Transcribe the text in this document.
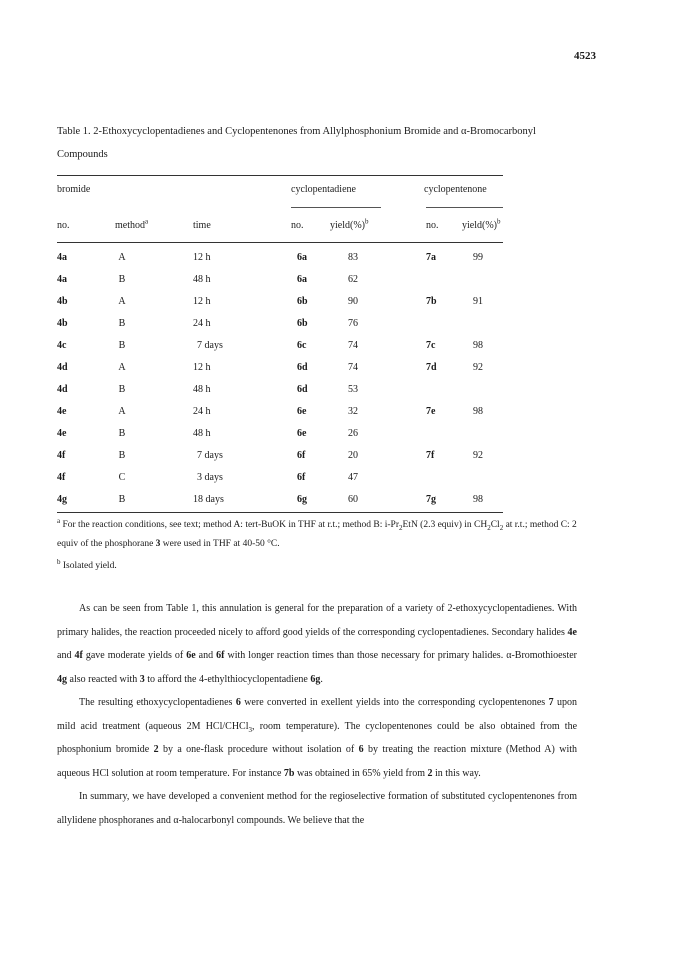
4523
Table 1. 2-Ethoxycyclopentadienes and Cyclopentenones from Allylphosphonium Bromide and α-Bromocarbonyl Compounds
bromide	cyclopentadiene	cyclopentenone
no.	method$^a$	time	no.	yield(%)$^b$	no. yield(%)$^b$
4a	A	12 h	6a	83	7a	99
4a	B	48 h	6a	62
4b	A	12 h	6b	90	7b	91
4b	B	24 h	6b	76
4c	B	7 days	6c	74	7c	98
4d	A	12 h	6d	74	7d	92
4d	B	48 h	6d	53
4e	A	24 h	6e	32	7e	98
4e	B	48 h	6e	26
4f	B	7 days	6f	20	7f	92
4f	C	3 days	6f	47
4g	B	18 days	6g	60	7g	98
$^a$ For the reaction conditions, see text; method A: tert-BuOK in THF at r.t.; method B: $i-Pr_2EtN$ (2.3 equiv) in $CH_2Cl_2$ at r.t.; method C: 2 equiv of the phosphorane 3 were used in THF at 40-50 °C.
$^b$ Isolated yield.

As can be seen from Table 1, this annulation is general for the preparation of a variety of 2-ethoxycyclopentadienes. With primary halides, the reaction proceeded nicely to afford good yields of the corresponding cyclopentadienes. Secondary halides 4e and 4f gave moderate yields of 6e and 6f with longer reaction times than those necessary for primary halides. α-Bromothioester 4g also reacted with 3 to afford the 4-ethylthiocyclopentadiene 6g.

The resulting ethoxycyclopentadienes 6 were converted in exellent yields into the corresponding cyclopentenones 7 upon mild acid treatment (aqueous 2M HCl/CHCl$_3$, room temperature). The cyclopentenones could be also obtained from the phosphonium bromide 2 by a one-flask procedure without isolation of 6 by treating the reaction mixture (Method A) with aqueous HCl solution at room temperature. For instance 7b was obtained in 65% yield from 2 in this way.

In summary, we have developed a convenient method for the regioselective formation of substituted cyclopentenones from allylidene phosphoranes and α-halocarbonyl compounds. We believe that the
